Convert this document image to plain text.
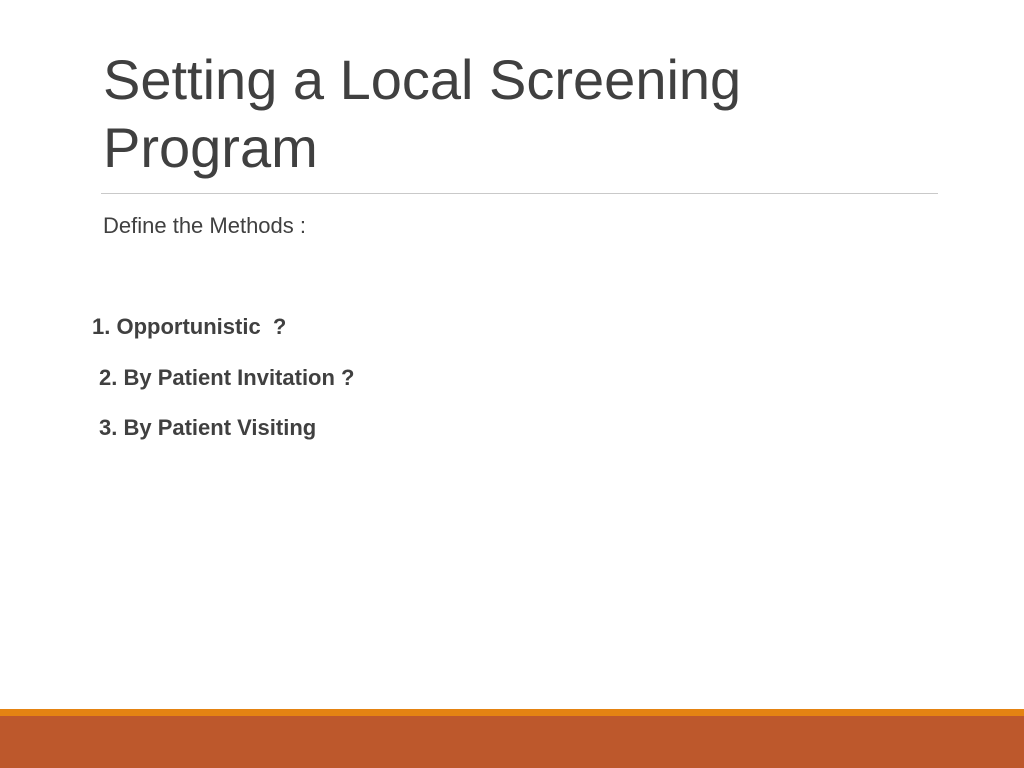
Setting a Local Screening Program
Define the Methods :
1. Opportunistic  ?
2. By Patient Invitation ?
3. By Patient Visiting
